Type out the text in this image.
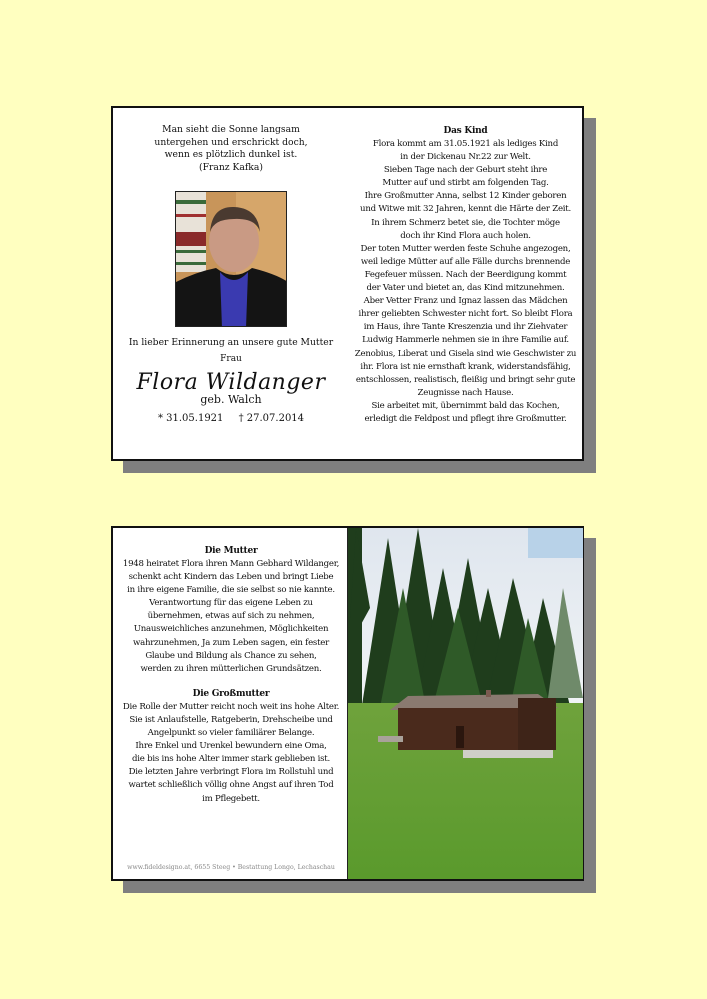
Man sieht die Sonne langsam
untergehen und erschrickt doch,
wenn es plötzlich dunkel ist.
(Franz Kafka)
In lieber Erinnerung an unsere gute Mutter
Frau
Flora Wildanger
geb. Walch
* 31.05.1921 † 27.07.2014
Das Kind
Flora kommt am 31.05.1921 als lediges Kind
in der Dickenau Nr.22 zur Welt.
Sieben Tage nach der Geburt steht ihre
Mutter auf und stirbt am folgenden Tag.
Ihre Großmutter Anna, selbst 12 Kinder geboren
und Witwe mit 32 Jahren, kennt die Härte der Zeit.
In ihrem Schmerz betet sie, die Tochter möge
doch ihr Kind Flora auch holen.
Der toten Mutter werden feste Schuhe angezogen,
weil ledige Mütter auf alle Fälle durchs brennende
Fegefeuer müssen. Nach der Beerdigung kommt
der Vater und bietet an, das Kind mitzunehmen.
Aber Vetter Franz und Ignaz lassen das Mädchen
ihrer geliebten Schwester nicht fort. So bleibt Flora
im Haus, ihre Tante Kreszenzia und ihr Ziehvater
Ludwig Hammerle nehmen sie in ihre Familie auf.
Zenobius, Liberat und Gisela sind wie Geschwister zu
ihr. Flora ist nie ernsthaft krank, widerstandsfähig,
entschlossen, realistisch, fleißig und bringt sehr gute
Zeugnisse nach Hause.
Sie arbeitet mit, übernimmt bald das Kochen,
erledigt die Feldpost und pflegt ihre Großmutter.
Die Mutter
1948 heiratet Flora ihren Mann Gebhard Wildanger,
schenkt acht Kindern das Leben und bringt Liebe
in ihre eigene Familie, die sie selbst so nie kannte.
Verantwortung für das eigene Leben zu
übernehmen, etwas auf sich zu nehmen,
Unausweichliches anzunehmen, Möglichkeiten
wahrzunehmen, Ja zum Leben sagen, ein fester
Glaube und Bildung als Chance zu sehen,
werden zu ihren mütterlichen Grundsätzen.
Die Großmutter
Die Rolle der Mutter reicht noch weit ins hohe Alter.
Sie ist Anlaufstelle, Ratgeberin, Drehscheibe und
Angelpunkt so vieler familiärer Belange.
Ihre Enkel und Urenkel bewundern eine Oma,
die bis ins hohe Alter immer stark geblieben ist.
Die letzten Jahre verbringt Flora im Rollstuhl und
wartet schließlich völlig ohne Angst auf ihren Tod
im Pflegebett.
www.fideldesigno.at, 6655 Steeg • Bestattung Longo, Lechaschau
